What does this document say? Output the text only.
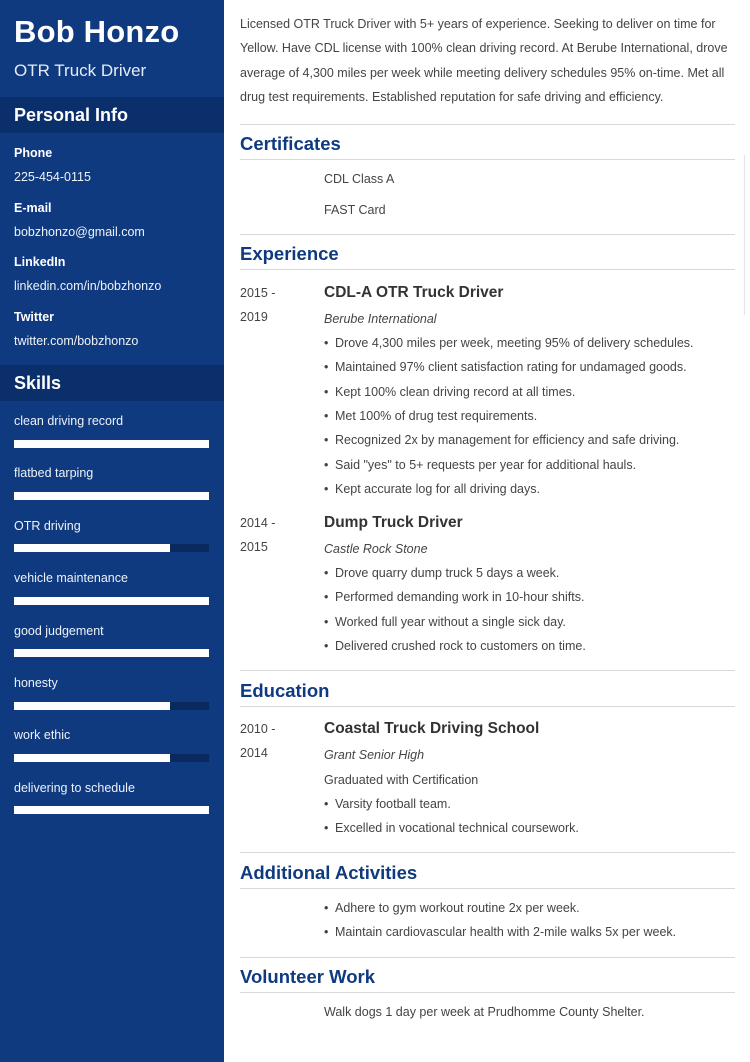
Bob Honzo
OTR Truck Driver
Personal Info
Phone
225-454-0115
E-mail
bobzhonzo@gmail.com
LinkedIn
linkedin.com/in/bobzhonzo
Twitter
twitter.com/bobzhonzo
Skills
clean driving record
flatbed tarping
OTR driving
vehicle maintenance
good judgement
honesty
work ethic
delivering to schedule
Licensed OTR Truck Driver with 5+ years of experience. Seeking to deliver on time for Yellow. Have CDL license with 100% clean driving record. At Berube International, drove average of 4,300 miles per week while meeting delivery schedules 95% on-time. Met all drug test requirements. Established reputation for safe driving and efficiency.
Certificates
CDL Class A
FAST Card
Experience
2015 -
2019
CDL-A OTR Truck Driver
Berube International
• Drove 4,300 miles per week, meeting 95% of delivery schedules.
• Maintained 97% client satisfaction rating for undamaged goods.
• Kept 100% clean driving record at all times.
• Met 100% of drug test requirements.
• Recognized 2x by management for efficiency and safe driving.
• Said "yes" to 5+ requests per year for additional hauls.
• Kept accurate log for all driving days.
2014 -
2015
Dump Truck Driver
Castle Rock Stone
• Drove quarry dump truck 5 days a week.
• Performed demanding work in 10-hour shifts.
• Worked full year without a single sick day.
• Delivered crushed rock to customers on time.
Education
2010 -
2014
Coastal Truck Driving School
Grant Senior High
Graduated with Certification
• Varsity football team.
• Excelled in vocational technical coursework.
Additional Activities
• Adhere to gym workout routine 2x per week.
• Maintain cardiovascular health with 2-mile walks 5x per week.
Volunteer Work
Walk dogs 1 day per week at Prudhomme County Shelter.
